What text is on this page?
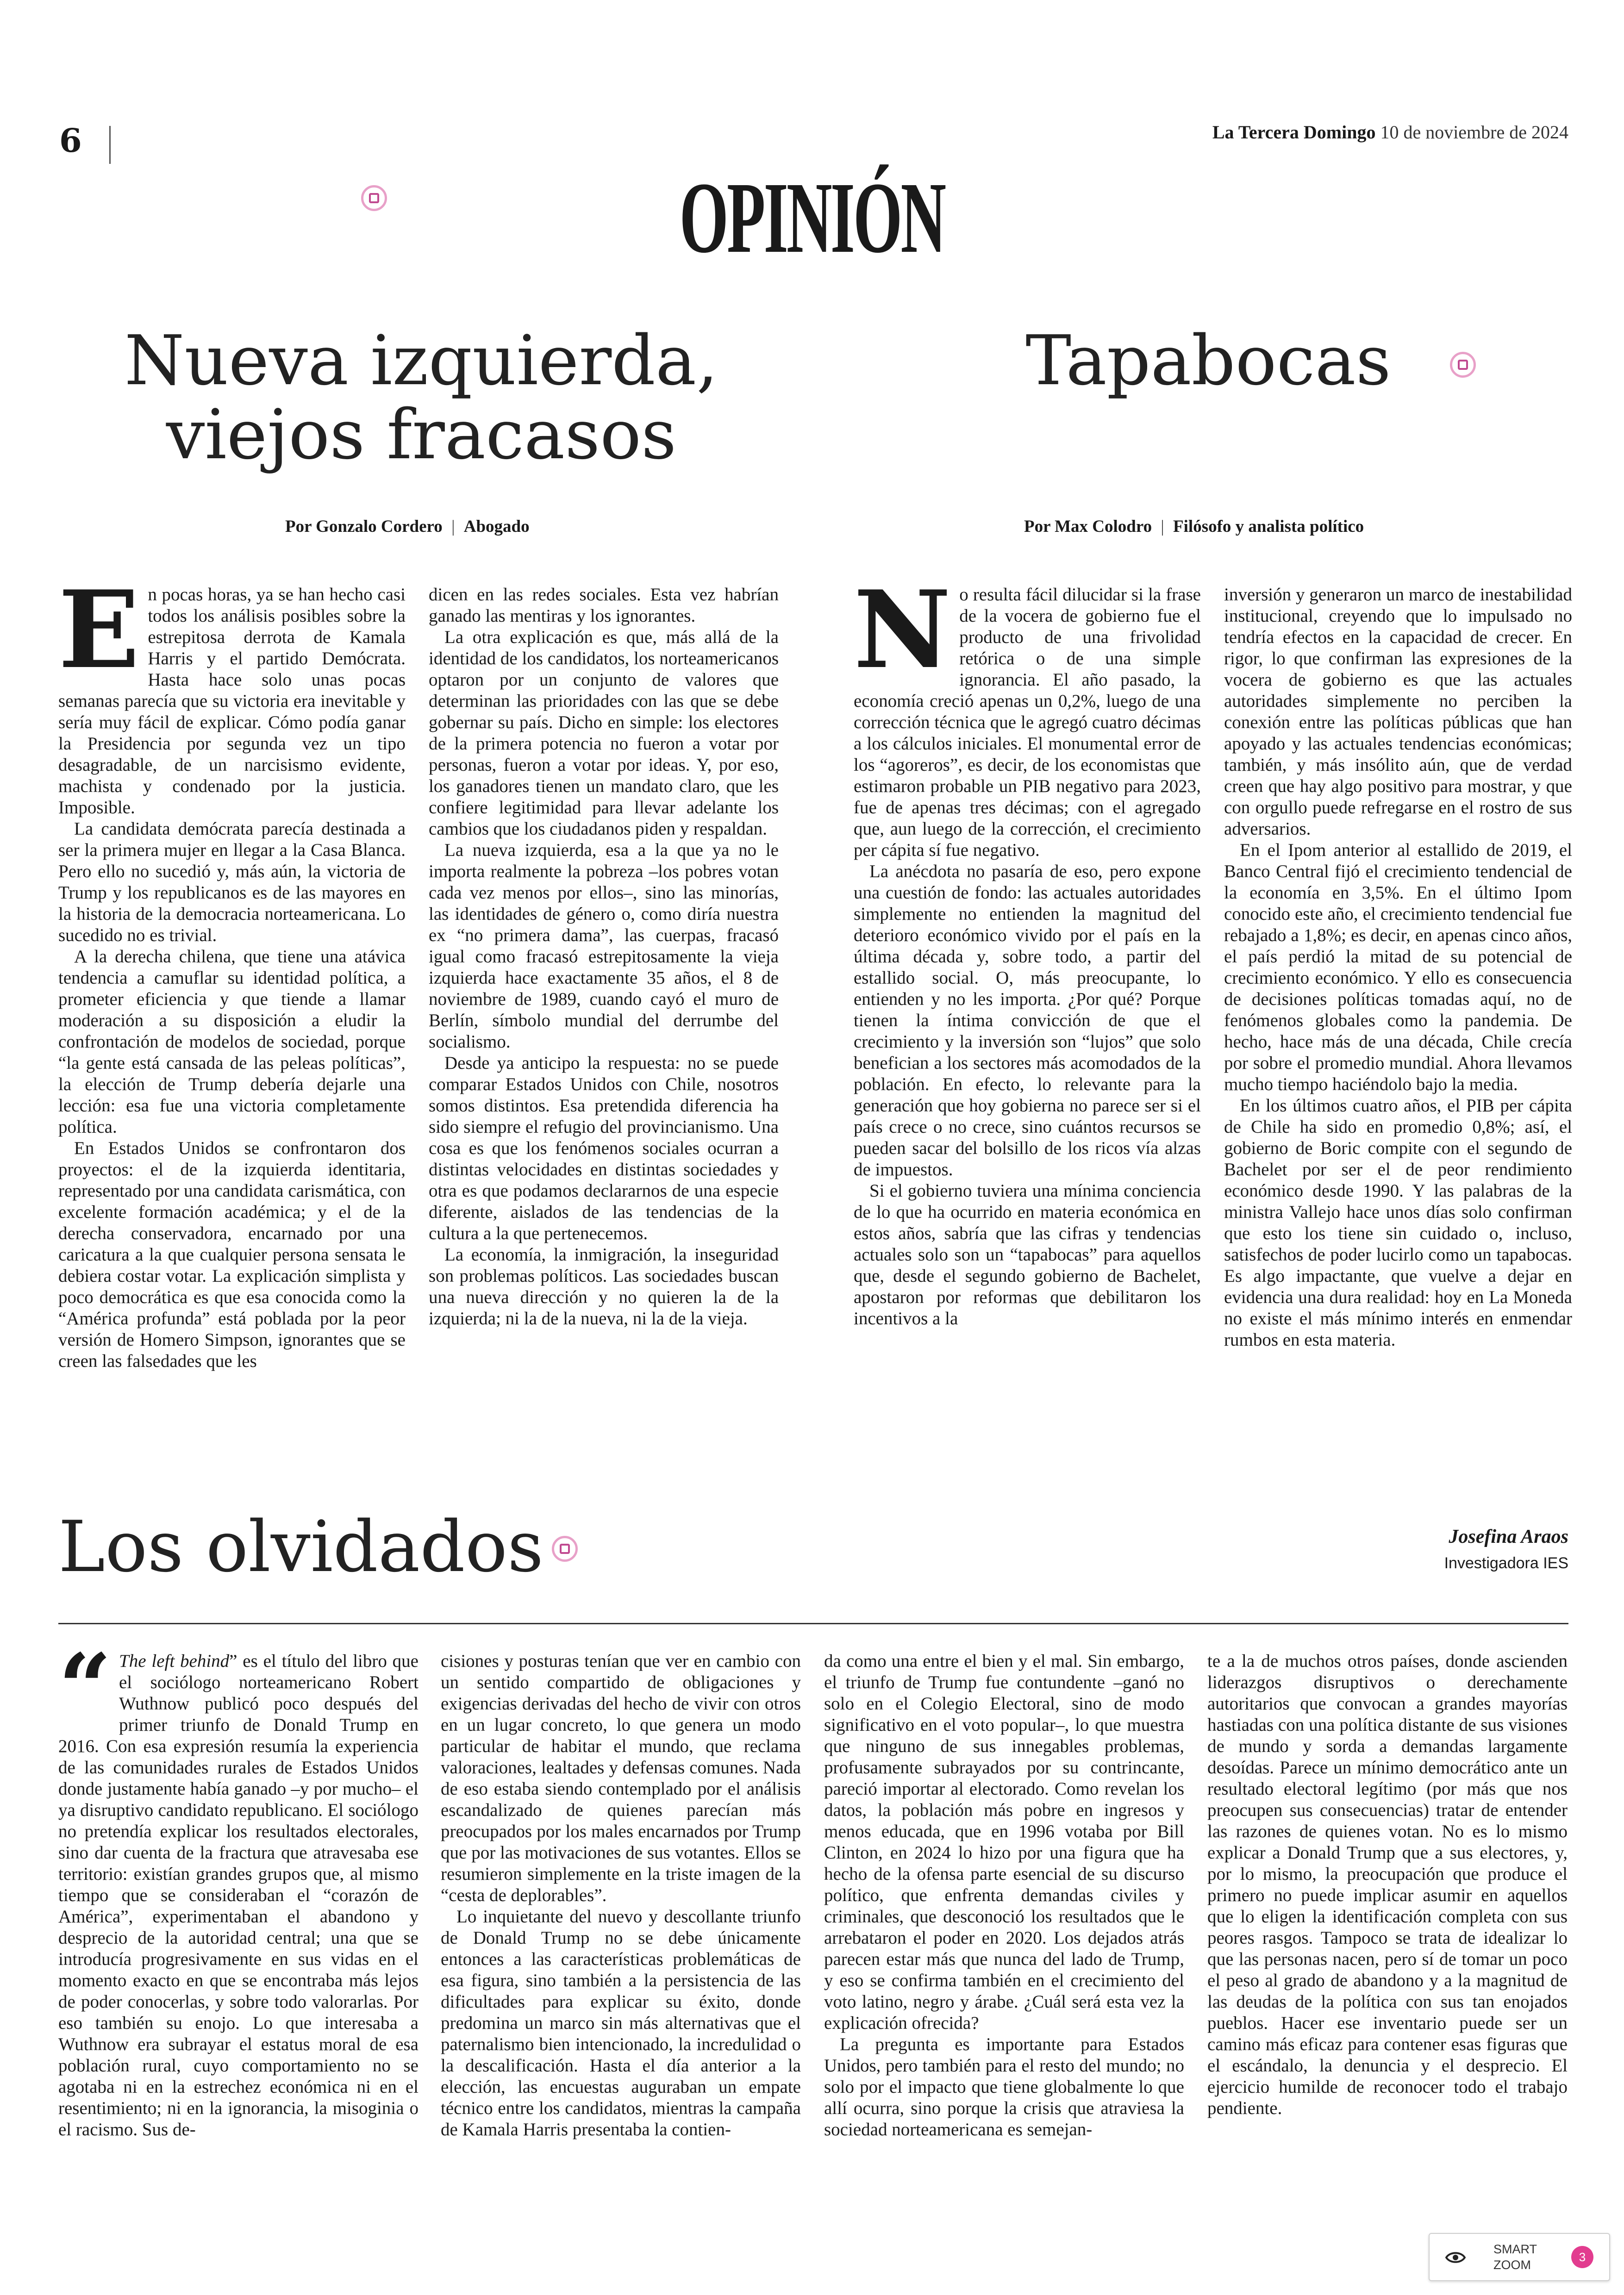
6	La Tercera Domingo 10 de noviembre de 2024
OPINIÓN
Nueva izquierda,
viejos fracasos
Por Gonzalo Cordero | Abogado
E n pocas horas, ya se han hecho casi todos los análisis posibles sobre la estrepitosa derrota de Kamala Harris y el partido Demócrata. Hasta hace solo unas pocas semanas parecía que su victoria era inevitable y sería muy fácil de explicar. Cómo podía ganar la Presidencia por segunda vez un tipo desagradable, de un narcisismo evidente, machista y condenado por la justicia. Imposible.

La candidata demócrata parecía destinada a ser la primera mujer en llegar a la Casa Blanca. Pero ello no sucedió y, más aún, la victoria de Trump y los republicanos es de las mayores en la historia de la democracia norteamericana. Lo sucedido no es trivial.

A la derecha chilena, que tiene una atávica tendencia a camuflar su identidad política, a prometer eficiencia y que tiende a llamar moderación a su disposición a eludir la confrontación de modelos de sociedad, porque “la gente está cansada de las peleas políticas”, la elección de Trump debería dejarle una lección: esa fue una victoria completamente política.

En Estados Unidos se confrontaron dos proyectos: el de la izquierda identitaria, representado por una candidata carismática, con excelente formación académica; y el de la derecha conservadora, encarnado por una caricatura a la que cualquier persona sensata le debiera costar votar. La explicación simplista y poco democrática es que esa conocida como la “América profunda” está poblada por la peor versión de Homero Simpson, ignorantes que se creen las falsedades que les

dicen en las redes sociales. Esta vez habrían ganado las mentiras y los ignorantes.

La otra explicación es que, más allá de la identidad de los candidatos, los norteamericanos optaron por un conjunto de valores que determinan las prioridades con las que se debe gobernar su país. Dicho en simple: los electores de la primera potencia no fueron a votar por personas, fueron a votar por ideas. Y, por eso, los ganadores tienen un mandato claro, que les confiere legitimidad para llevar adelante los cambios que los ciudadanos piden y respaldan.

La nueva izquierda, esa a la que ya no le importa realmente la pobreza –los pobres votan cada vez menos por ellos–, sino las minorías, las identidades de género o, como diría nuestra ex “no primera dama”, las cuerpas, fracasó igual como fracasó estrepitosamente la vieja izquierda hace exactamente 35 años, el 8 de noviembre de 1989, cuando cayó el muro de Berlín, símbolo mundial del derrumbe del socialismo.

Desde ya anticipo la respuesta: no se puede comparar Estados Unidos con Chile, nosotros somos distintos. Esa pretendida diferencia ha sido siempre el refugio del provincianismo. Una cosa es que los fenómenos sociales ocurran a distintas velocidades en distintas sociedades y otra es que podamos declararnos de una especie diferente, aislados de las tendencias de la cultura a la que pertenecemos.

La economía, la inmigración, la inseguridad son problemas políticos. Las sociedades buscan una nueva dirección y no quieren la de la izquierda; ni la de la nueva, ni la de la vieja.

Tapabocas
Por Max Colodro | Filósofo y analista político
N o resulta fácil dilucidar si la frase de la vocera de gobierno fue el producto de una frivolidad retórica o de una simple ignorancia. El año pasado, la economía creció apenas un 0,2%, luego de una corrección técnica que le agregó cuatro décimas a los cálculos iniciales. El monumental error de los “agoreros”, es decir, de los economistas que estimaron probable un PIB negativo para 2023, fue de apenas tres décimas; con el agregado que, aun luego de la corrección, el crecimiento per cápita sí fue negativo.

La anécdota no pasaría de eso, pero expone una cuestión de fondo: las actuales autoridades simplemente no entienden la magnitud del deterioro económico vivido por el país en la última década y, sobre todo, a partir del estallido social. O, más preocupante, lo entienden y no les importa. ¿Por qué? Porque tienen la íntima convicción de que el crecimiento y la inversión son “lujos” que solo benefician a los sectores más acomodados de la población. En efecto, lo relevante para la generación que hoy gobierna no parece ser si el país crece o no crece, sino cuántos recursos se pueden sacar del bolsillo de los ricos vía alzas de impuestos.

Si el gobierno tuviera una mínima conciencia de lo que ha ocurrido en materia económica en estos años, sabría que las cifras y tendencias actuales solo son un “tapabocas” para aquellos que, desde el segundo gobierno de Bachelet, apostaron por reformas que debilitaron los incentivos a la

inversión y generaron un marco de inestabilidad institucional, creyendo que lo impulsado no tendría efectos en la capacidad de crecer. En rigor, lo que confirman las expresiones de la vocera de gobierno es que las actuales autoridades simplemente no perciben la conexión entre las políticas públicas que han apoyado y las actuales tendencias económicas; también, y más insólito aún, que de verdad creen que hay algo positivo para mostrar, y que con orgullo puede refregarse en el rostro de sus adversarios.

En el Ipom anterior al estallido de 2019, el Banco Central fijó el crecimiento tendencial de la economía en 3,5%. En el último Ipom conocido este año, el crecimiento tendencial fue rebajado a 1,8%; es decir, en apenas cinco años, el país perdió la mitad de su potencial de crecimiento económico. Y ello es consecuencia de decisiones políticas tomadas aquí, no de fenómenos globales como la pandemia. De hecho, hace más de una década, Chile crecía por sobre el promedio mundial. Ahora llevamos mucho tiempo haciéndolo bajo la media.

En los últimos cuatro años, el PIB per cápita de Chile ha sido en promedio 0,8%; así, el gobierno de Boric compite con el segundo de Bachelet por ser el de peor rendimiento económico desde 1990. Y las palabras de la ministra Vallejo hace unos días solo confirman que esto los tiene sin cuidado o, incluso, satisfechos de poder lucirlo como un tapabocas. Es algo impactante, que vuelve a dejar en evidencia una dura realidad: hoy en La Moneda no existe el más mínimo interés en enmendar rumbos en esta materia.

Los olvidados	Josefina Araos
Investigadora IES
“ The left behind” es el título del libro que el sociólogo norteamericano Robert Wuthnow publicó poco después del primer triunfo de Donald Trump en 2016. Con esa expresión resumía la experiencia de las comunidades rurales de Estados Unidos donde justamente había ganado –y por mucho– el ya disruptivo candidato republicano. El sociólogo no pretendía explicar los resultados electorales, sino dar cuenta de la fractura que atravesaba ese territorio: existían grandes grupos que, al mismo tiempo que se consideraban el “corazón de América”, experimentaban el abandono y desprecio de la autoridad central; una que se introducía progresivamente en sus vidas en el momento exacto en que se encontraba más lejos de poder conocerlas, y sobre todo valorarlas. Por eso también su enojo. Lo que interesaba a Wuthnow era subrayar el estatus moral de esa población rural, cuyo comportamiento no se agotaba ni en la estrechez económica ni en el resentimiento; ni en la ignorancia, la misoginia o el racismo. Sus de-

cisiones y posturas tenían que ver en cambio con un sentido compartido de obligaciones y exigencias derivadas del hecho de vivir con otros en un lugar concreto, lo que genera un modo particular de habitar el mundo, que reclama valoraciones, lealtades y defensas comunes. Nada de eso estaba siendo contemplado por el análisis escandalizado de quienes parecían más preocupados por los males encarnados por Trump que por las motivaciones de sus votantes. Ellos se resumieron simplemente en la triste imagen de la “cesta de deplorables”.

Lo inquietante del nuevo y descollante triunfo de Donald Trump no se debe únicamente entonces a las características problemáticas de esa figura, sino también a la persistencia de las dificultades para explicar su éxito, donde predomina un marco sin más alternativas que el paternalismo bien intencionado, la incredulidad o la descalificación. Hasta el día anterior a la elección, las encuestas auguraban un empate técnico entre los candidatos, mientras la campaña de Kamala Harris presentaba la contien-

da como una entre el bien y el mal. Sin embargo, el triunfo de Trump fue contundente –ganó no solo en el Colegio Electoral, sino de modo significativo en el voto popular–, lo que muestra que ninguno de sus innegables problemas, profusamente subrayados por su contrincante, pareció importar al electorado. Como revelan los datos, la población más pobre en ingresos y menos educada, que en 1996 votaba por Bill Clinton, en 2024 lo hizo por una figura que ha hecho de la ofensa parte esencial de su discurso político, que enfrenta demandas civiles y criminales, que desconoció los resultados que le arrebataron el poder en 2020. Los dejados atrás parecen estar más que nunca del lado de Trump, y eso se confirma también en el crecimiento del voto latino, negro y árabe. ¿Cuál será esta vez la explicación ofrecida?

La pregunta es importante para Estados Unidos, pero también para el resto del mundo; no solo por el impacto que tiene globalmente lo que allí ocurra, sino porque la crisis que atraviesa la sociedad norteamericana es semejan-

te a la de muchos otros países, donde ascienden liderazgos disruptivos o derechamente autoritarios que convocan a grandes mayorías hastiadas con una política distante de sus visiones de mundo y sorda a demandas largamente desoídas. Parece un mínimo democrático ante un resultado electoral legítimo (por más que nos preocupen sus consecuencias) tratar de entender las razones de quienes votan. No es lo mismo explicar a Donald Trump que a sus electores, y, por lo mismo, la preocupación que produce el primero no puede implicar asumir en aquellos que lo eligen la identificación completa con sus peores rasgos. Tampoco se trata de idealizar lo que las personas nacen, pero sí de tomar un poco el peso al grado de abandono y a la magnitud de las deudas de la política con sus tan enojados pueblos. Hacer ese inventario puede ser un camino más eficaz para contener esas figuras que el escándalo, la denuncia y el desprecio. El ejercicio humilde de reconocer todo el trabajo pendiente.

SMART
ZOOM
3
